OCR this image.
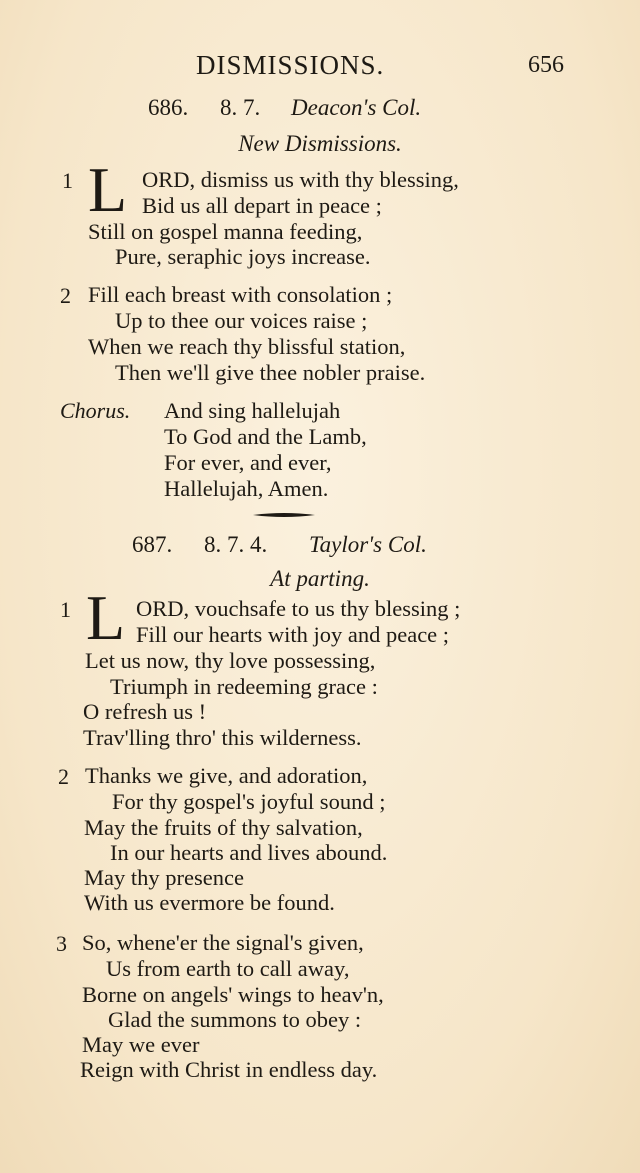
DISMISSIONS.	656
686. 8. 7. Deacon's Col.
New Dismissions.
1 L ORD, dismiss us with thy blessing,
Bid us all depart in peace ;
Still on gospel manna feeding,
Pure, seraphic joys increase.
2 Fill each breast with consolation ;
Up to thee our voices raise ;
When we reach thy blissful station,
Then we'll give thee nobler praise.
Chorus. And sing hallelujah
To God and the Lamb,
For ever, and ever,
Hallelujah, Amen.
687. 8. 7. 4. Taylor's Col.
At parting.
1 L ORD, vouchsafe to us thy blessing ;
Fill our hearts with joy and peace ;
Let us now, thy love possessing,
Triumph in redeeming grace :
O refresh us !
Trav'lling thro' this wilderness.
2 Thanks we give, and adoration,
For thy gospel's joyful sound ;
May the fruits of thy salvation,
In our hearts and lives abound.
May thy presence
With us evermore be found.
3 So, whene'er the signal's given,
Us from earth to call away,
Borne on angels' wings to heav'n,
Glad the summons to obey :
May we ever
Reign with Christ in endless day.
